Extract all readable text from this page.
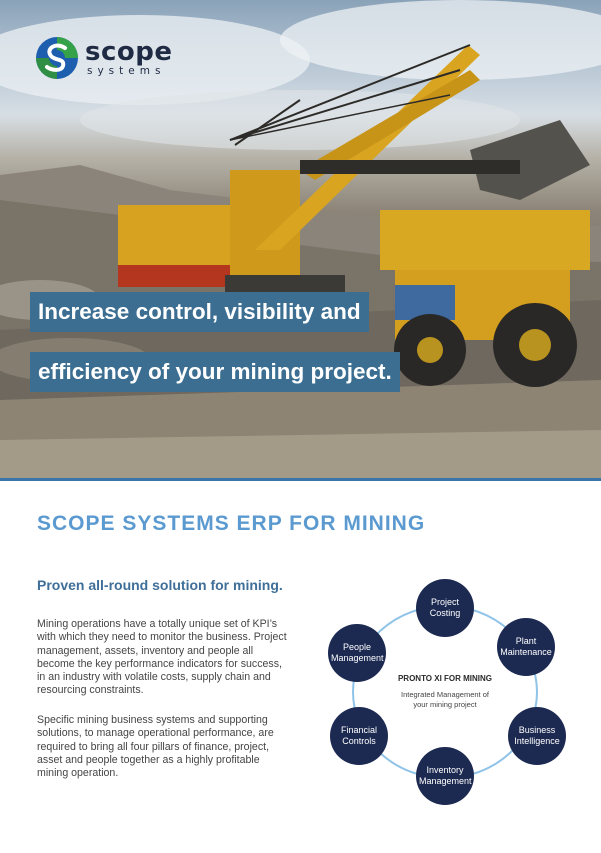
scope
systems
Increase control, visibility and
efficiency of your mining project.
SCOPE SYSTEMS ERP FOR MINING
Proven all-round solution for mining.

Mining operations have a totally unique set of KPI’s with which they need to monitor the business. Project management, assets, inventory and people all become the key performance indicators for success, in an industry with volatile costs, supply chain and resourcing constraints.

Specific mining business systems and supporting solutions, to manage operational performance, are required to bring all four pillars of finance, project, asset and people together as a highly profitable mining operation.

PRONTO XI FOR MINING
Integrated Management of your mining project
Project Costing
Plant Maintenance
Business Intelligence
Inventory Management
Financial Controls
People Management
